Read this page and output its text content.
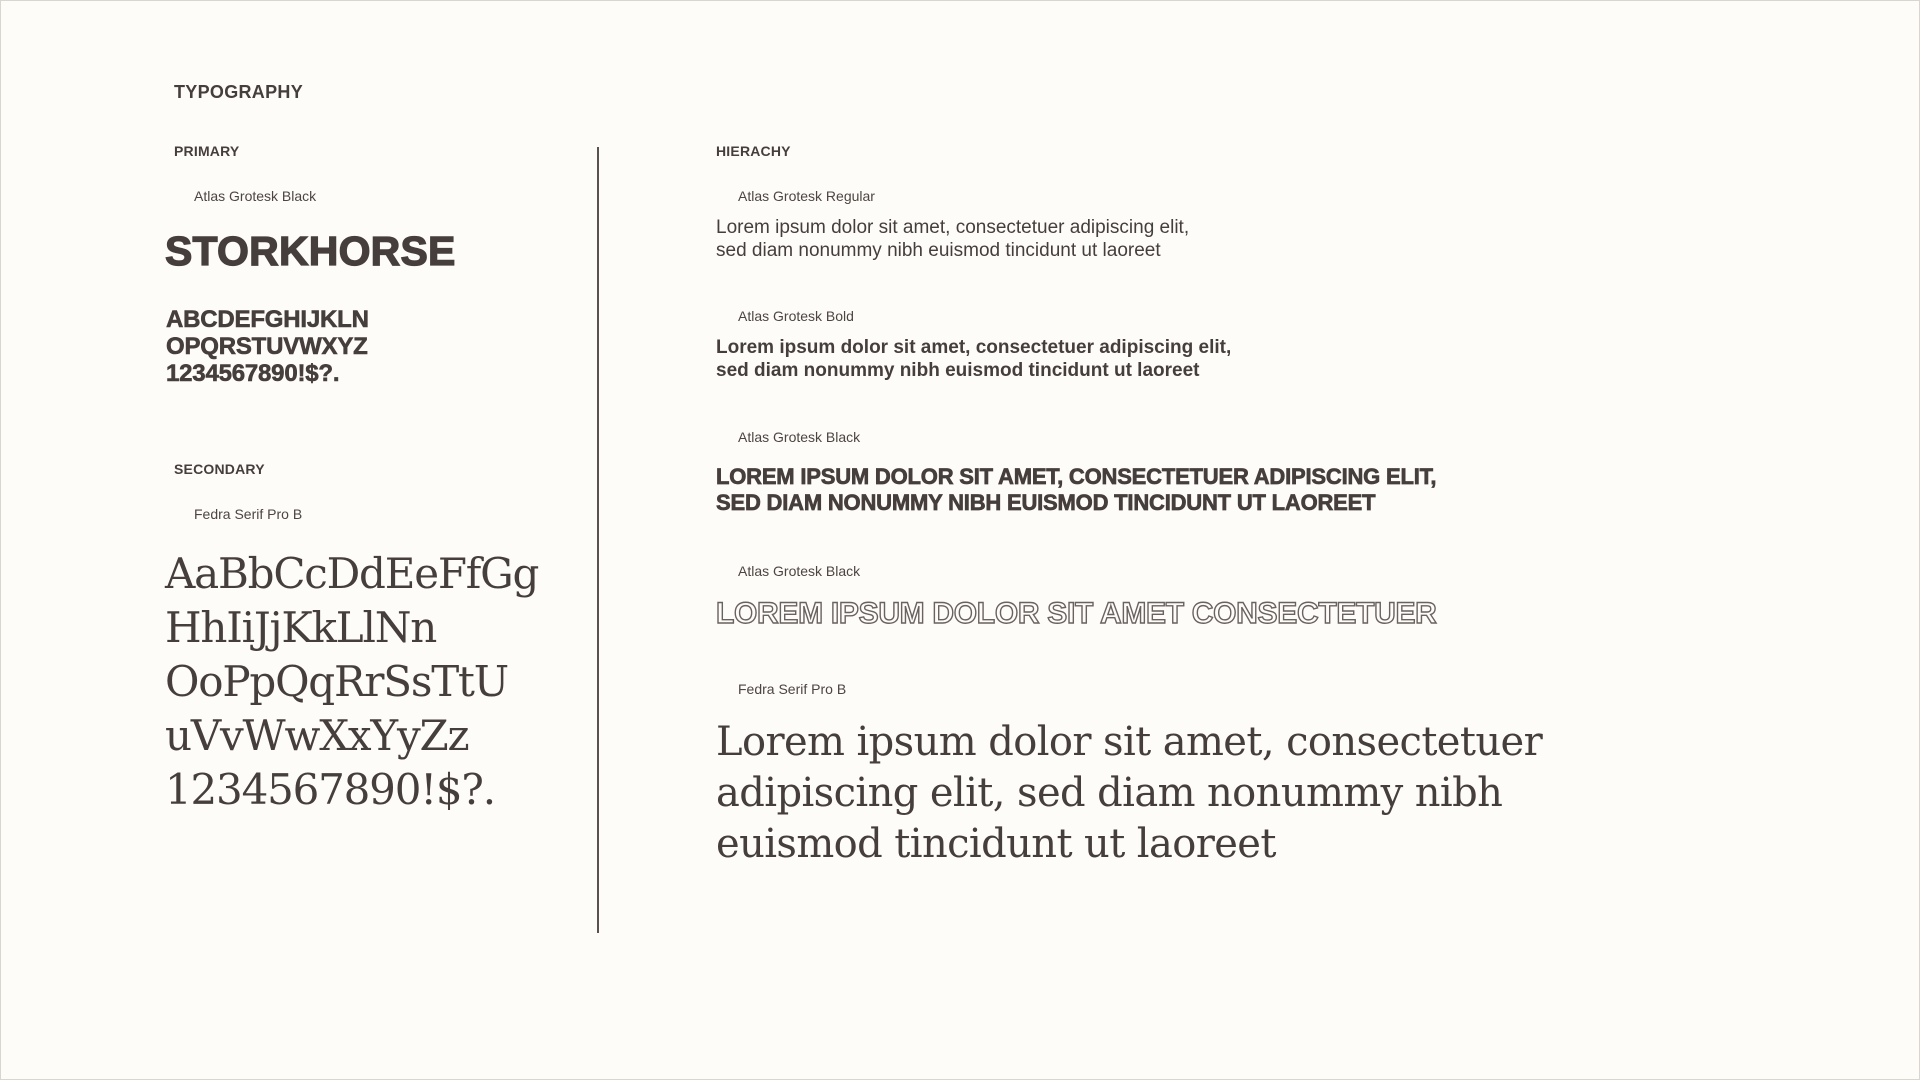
TYPOGRAPHY
PRIMARY
Atlas Grotesk Black
STORKHORSE
ABCDEFGHIJKLN
OPQRSTUVWXYZ
1234567890!$?.
SECONDARY
Fedra Serif Pro B
AaBbCcDdEeFfGg
HhIiJjKkLlNn
OoPpQqRrSsTtU
uVvWwXxYyZz
1234567890!$?.
HIERACHY
Atlas Grotesk Regular
Lorem ipsum dolor sit amet, consectetuer adipiscing elit,
sed diam nonummy nibh euismod tincidunt ut laoreet
Atlas Grotesk Bold
Lorem ipsum dolor sit amet, consectetuer adipiscing elit,
sed diam nonummy nibh euismod tincidunt ut laoreet
Atlas Grotesk Black
LOREM IPSUM DOLOR SIT AMET, CONSECTETUER ADIPISCING ELIT,
SED DIAM NONUMMY NIBH EUISMOD TINCIDUNT UT LAOREET
Atlas Grotesk Black
LOREM IPSUM DOLOR SIT AMET CONSECTETUER
Fedra Serif Pro B
Lorem ipsum dolor sit amet, consectetuer
adipiscing elit, sed diam nonummy nibh
euismod tincidunt ut laoreet
